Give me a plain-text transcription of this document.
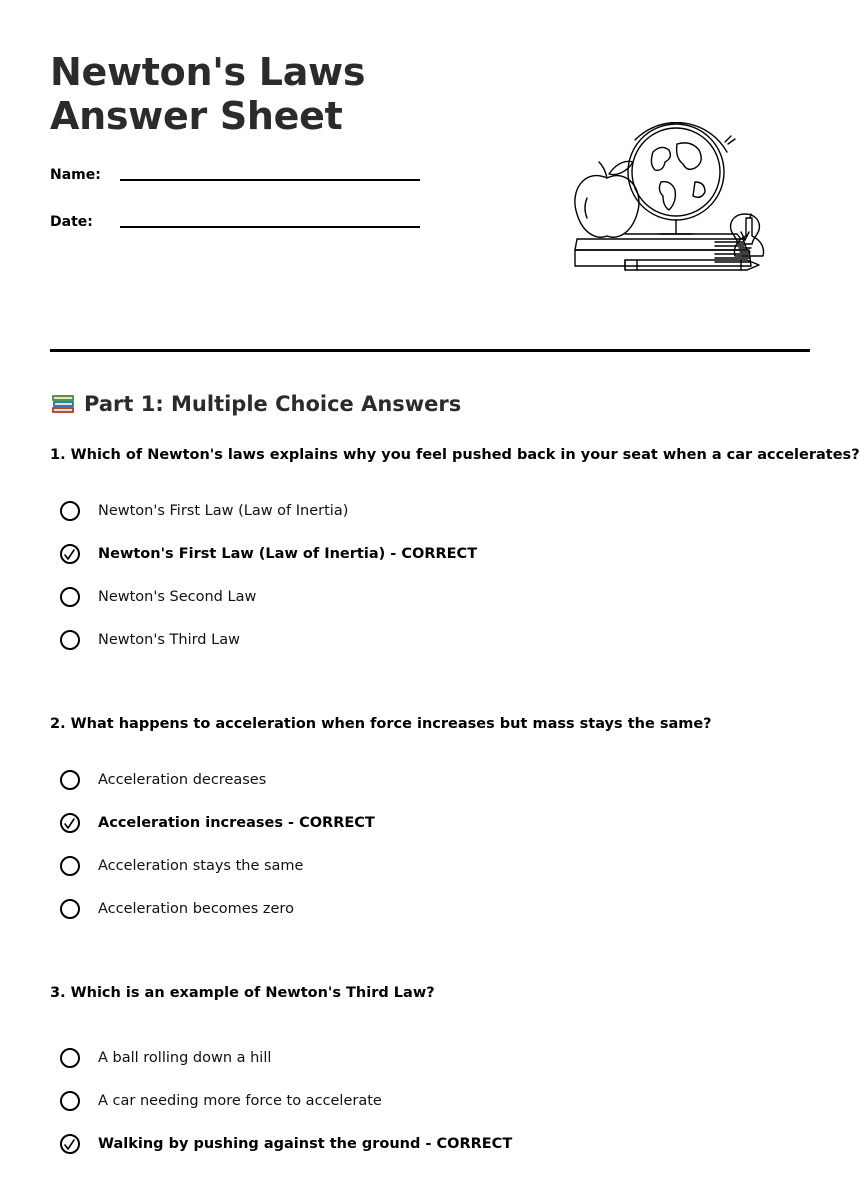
Newton's Laws Answer Sheet
Name:
Date:
Part 1: Multiple Choice Answers
1. Which of Newton's laws explains why you feel pushed back in your seat when a car accelerates?
Newton's First Law (Law of Inertia)
Newton's First Law (Law of Inertia) - CORRECT
Newton's Second Law
Newton's Third Law
2. What happens to acceleration when force increases but mass stays the same?
Acceleration decreases
Acceleration increases - CORRECT
Acceleration stays the same
Acceleration becomes zero
3. Which is an example of Newton's Third Law?
A ball rolling down a hill
A car needing more force to accelerate
Walking by pushing against the ground - CORRECT
